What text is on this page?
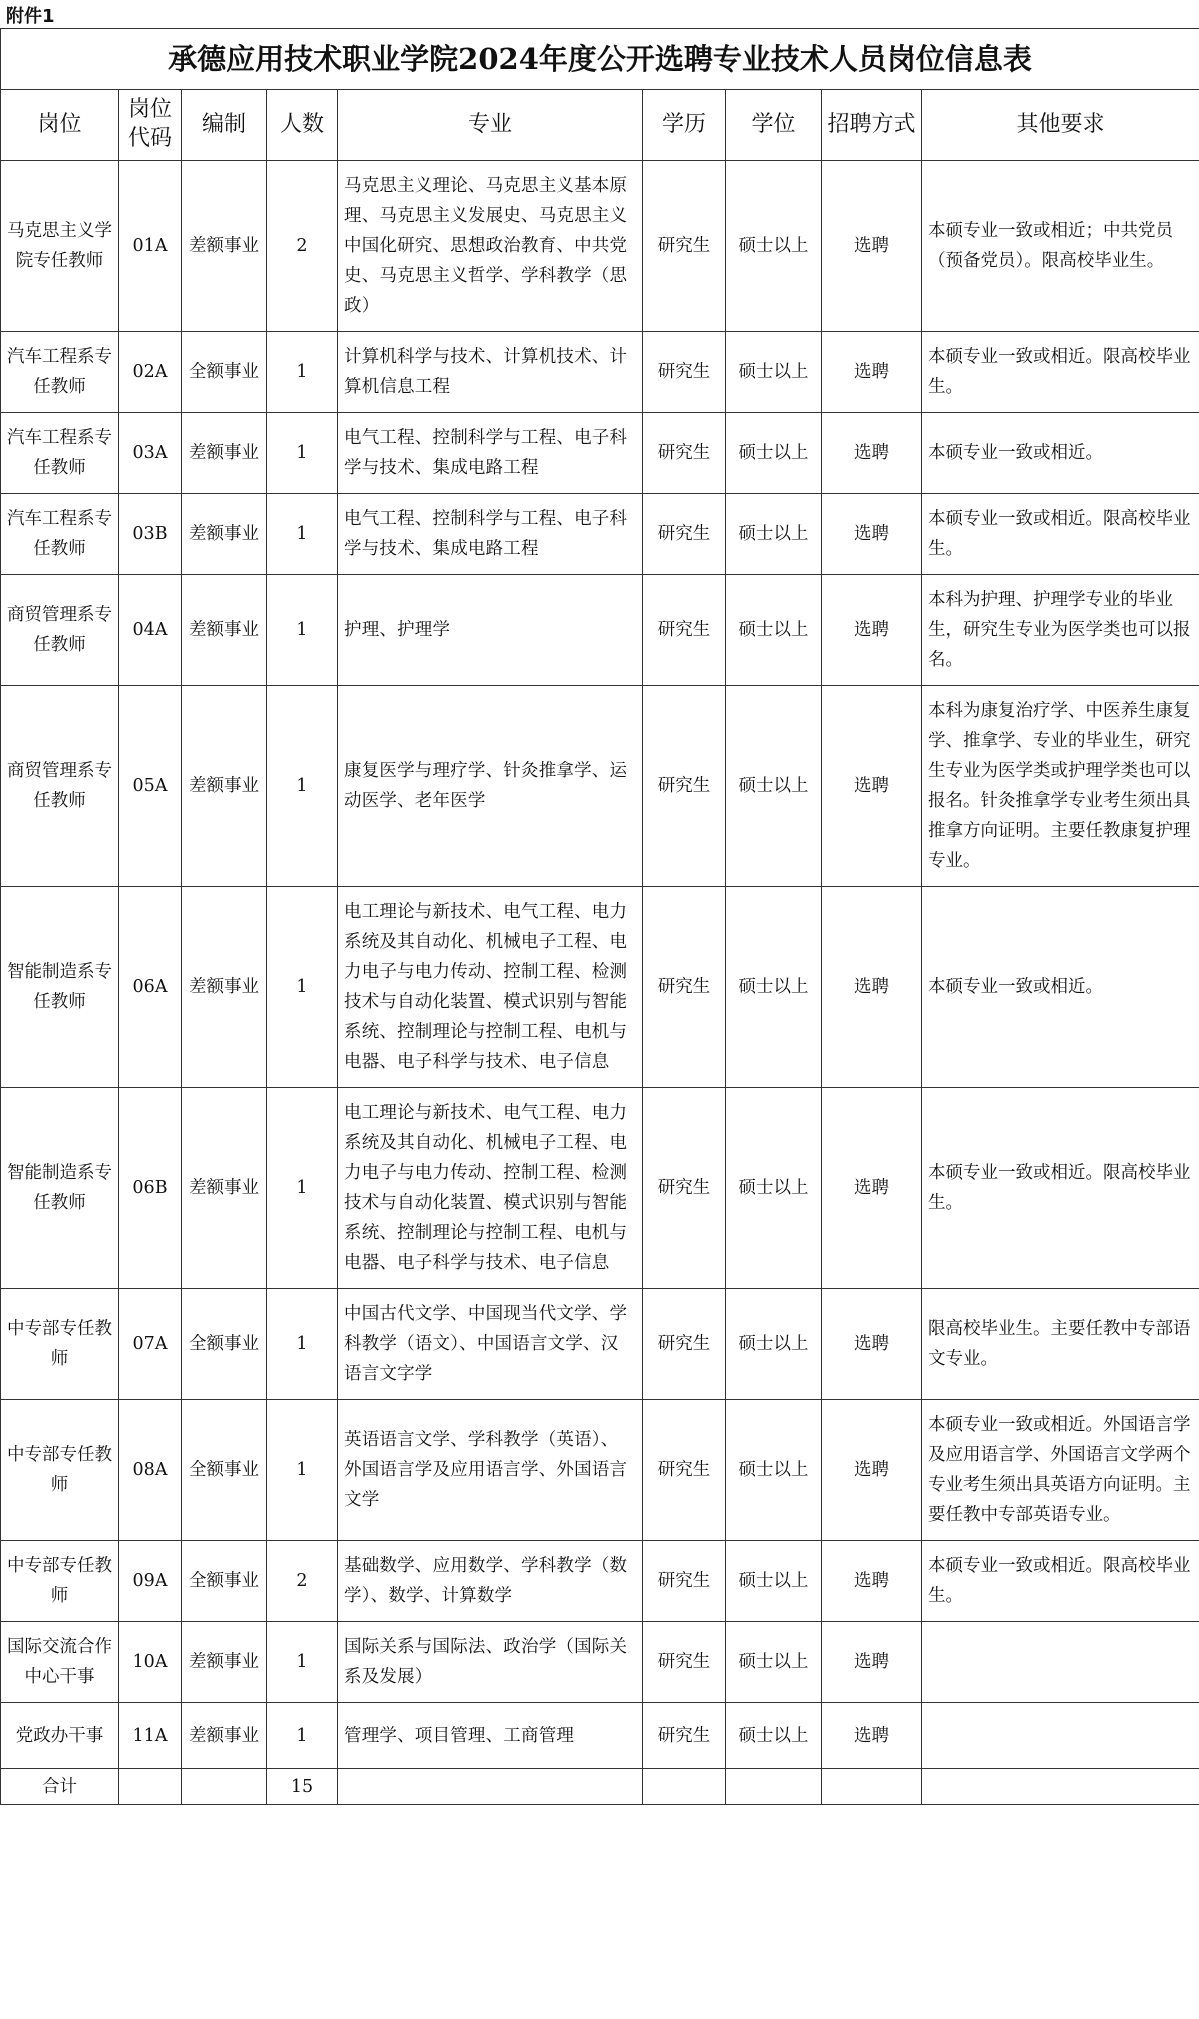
附件1
承德应用技术职业学院2024年度公开选聘专业技术人员岗位信息表								
岗位	岗位代码	编制	人数	专业	学历	学位	招聘方式	其他要求
马克思主义学院专任教师	01A	差额事业	2	马克思主义理论、马克思主义基本原理、马克思主义发展史、马克思主义中国化研究、思想政治教育、中共党史、马克思主义哲学、学科教学（思政）	研究生	硕士以上	选聘	本硕专业一致或相近；中共党员（预备党员）。限高校毕业生。
汽车工程系专任教师	02A	全额事业	1	计算机科学与技术、计算机技术、计算机信息工程	研究生	硕士以上	选聘	本硕专业一致或相近。限高校毕业生。
汽车工程系专任教师	03A	差额事业	1	电气工程、控制科学与工程、电子科学与技术、集成电路工程	研究生	硕士以上	选聘	本硕专业一致或相近。
汽车工程系专任教师	03B	差额事业	1	电气工程、控制科学与工程、电子科学与技术、集成电路工程	研究生	硕士以上	选聘	本硕专业一致或相近。限高校毕业生。
商贸管理系专任教师	04A	差额事业	1	护理、护理学	研究生	硕士以上	选聘	本科为护理、护理学专业的毕业生，研究生专业为医学类也可以报名。
商贸管理系专任教师	05A	差额事业	1	康复医学与理疗学、针灸推拿学、运动医学、老年医学	研究生	硕士以上	选聘	本科为康复治疗学、中医养生康复学、推拿学、专业的毕业生，研究生专业为医学类或护理学类也可以报名。针灸推拿学专业考生须出具推拿方向证明。主要任教康复护理专业。
智能制造系专任教师	06A	差额事业	1	电工理论与新技术、电气工程、电力系统及其自动化、机械电子工程、电力电子与电力传动、控制工程、检测技术与自动化装置、模式识别与智能系统、控制理论与控制工程、电机与电器、电子科学与技术、电子信息	研究生	硕士以上	选聘	本硕专业一致或相近。
智能制造系专任教师	06B	差额事业	1	电工理论与新技术、电气工程、电力系统及其自动化、机械电子工程、电力电子与电力传动、控制工程、检测技术与自动化装置、模式识别与智能系统、控制理论与控制工程、电机与电器、电子科学与技术、电子信息	研究生	硕士以上	选聘	本硕专业一致或相近。限高校毕业生。
中专部专任教师	07A	全额事业	1	中国古代文学、中国现当代文学、学科教学（语文）、中国语言文学、汉语言文字学	研究生	硕士以上	选聘	限高校毕业生。主要任教中专部语文专业。
中专部专任教师	08A	全额事业	1	英语语言文学、学科教学（英语）、外国语言学及应用语言学、外国语言文学	研究生	硕士以上	选聘	本硕专业一致或相近。外国语言学及应用语言学、外国语言文学两个专业考生须出具英语方向证明。主要任教中专部英语专业。
中专部专任教师	09A	全额事业	2	基础数学、应用数学、学科教学（数学）、数学、计算数学	研究生	硕士以上	选聘	本硕专业一致或相近。限高校毕业生。
国际交流合作中心干事	10A	差额事业	1	国际关系与国际法、政治学（国际关系及发展）	研究生	硕士以上	选聘	
党政办干事	11A	差额事业	1	管理学、项目管理、工商管理	研究生	硕士以上	选聘	
合计			15					
